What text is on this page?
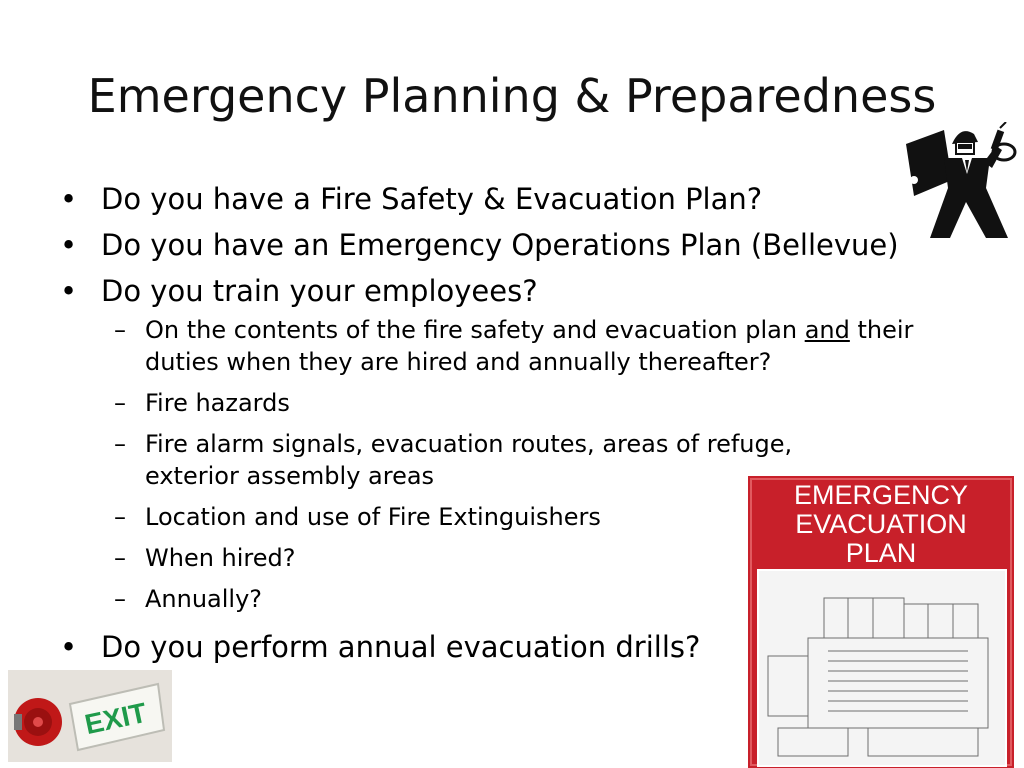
Emergency Planning & Preparedness
• Do you have a Fire Safety & Evacuation Plan?
• Do you have an Emergency Operations Plan (Bellevue)
• Do you train your employees?
– On the contents of the fire safety and evacuation plan and their duties when they are hired and annually thereafter?
– Fire hazards
– Fire alarm signals, evacuation routes, areas of refuge, exterior assembly areas
– Location and use of Fire Extinguishers
– When hired?
– Annually?
• Do you perform annual evacuation drills?
EMERGENCY
EVACUATION
PLAN
EXIT
